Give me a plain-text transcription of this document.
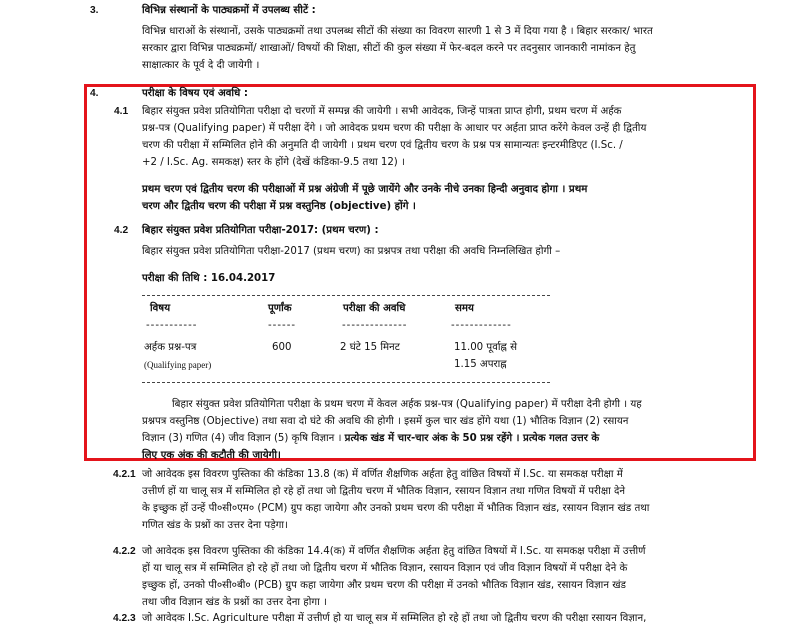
3.	विभिन्न संस्थानों के पाठ्यक्रमों में उपलब्ध सीटें :
विभिन्न धाराओं के संस्थानों, उसके पाठ्यक्रमों तथा उपलब्ध सीटों की संख्या का विवरण सारणी 1 से 3 में दिया गया है । बिहार सरकार/ भारत
सरकार द्वारा विभिन्न पाठ्यक्रमों/ शाखाओं/ विषयों की शिक्षा, सीटों की कुल संख्या में फेर-बदल करने पर तदनुसार जानकारी नामांकन हेतु
साक्षात्कार के पूर्व दे दी जायेगी ।
4.	परीक्षा के विषय एवं अवधि :
4.1 बिहार संयुक्त प्रवेश प्रतियोगिता परीक्षा दो चरणों में सम्पन्न की जायेगी । सभी आवेदक, जिन्हें पात्रता प्राप्त होगी, प्रथम चरण में अर्हक
प्रश्न-पत्र (Qualifying paper) में परीक्षा देंगे । जो आवेदक प्रथम चरण की परीक्षा के आधार पर अर्हता प्राप्त करेंगे केवल उन्हें ही द्वितीय
चरण की परीक्षा में सम्मिलित होने की अनुमति दी जायेगी । प्रथम चरण एवं द्वितीय चरण के प्रश्न पत्र सामान्यतः इन्टरमीडिएट (I.Sc. /
+2 / I.Sc. Ag. समकक्ष) स्तर के होंगे (देखें कंडिका-9.5 तथा 12) ।
प्रथम चरण एवं द्वितीय चरण की परीक्षाओं में प्रश्न अंग्रेजी में पूछे जायेंगे और उनके नीचे उनका हिन्दी अनुवाद होगा । प्रथम
चरण और द्वितीय चरण की परीक्षा में प्रश्न वस्तुनिष्ठ (objective) होंगे ।
4.2 बिहार संयुक्त प्रवेश प्रतियोगिता परीक्षा-2017: (प्रथम चरण) :
बिहार संयुक्त प्रवेश प्रतियोगिता परीक्षा-2017 (प्रथम चरण) का प्रश्नपत्र तथा परीक्षा की अवधि निम्नलिखित होगी –
परीक्षा की तिथि : 16.04.2017
विषय	पूर्णांक	परीक्षा की अवधि	समय
-----------	------	--------------	-------------
अर्हक प्रश्न-पत्र
(Qualifying paper)
600	2 घंटे 15 मिनट	11.00 पूर्वाह्न से
1.15 अपराह्न
बिहार संयुक्त प्रवेश प्रतियोगिता परीक्षा के प्रथम चरण में केवल अर्हक प्रश्न-पत्र (Qualifying paper) में परीक्षा देनी होगी । यह
प्रश्नपत्र वस्तुनिष्ठ (Objective) तथा सवा दो घंटे की अवधि की होगी । इसमें कुल चार खंड होंगे यथा (1) भौतिक विज्ञान (2) रसायन
विज्ञान (3) गणित (4) जीव विज्ञान (5) कृषि विज्ञान । प्रत्येक खंड में चार-चार अंक के 50 प्रश्न रहेंगे । प्रत्येक गलत उत्तर के
लिए एक अंक की कटौती की जायेगी।
4.2.1 जो आवेदक इस विवरण पुस्तिका की कंडिका 13.8 (क) में वर्णित शैक्षणिक अर्हता हेतु वांछित विषयों में I.Sc. या समकक्ष परीक्षा में
उत्तीर्ण हों या चालू सत्र में सम्मिलित हो रहे हों तथा जो द्वितीय चरण में भौतिक विज्ञान, रसायन विज्ञान तथा गणित विषयों में परीक्षा देने
के इच्छुक हों उन्हें पी०सी०एम० (PCM) ग्रुप कहा जायेगा और उनको प्रथम चरण की परीक्षा में भौतिक विज्ञान खंड, रसायन विज्ञान खंड तथा
गणित खंड के प्रश्नों का उत्तर देना पड़ेगा।
4.2.2 जो आवेदक इस विवरण पुस्तिका की कंडिका 14.4(क) में वर्णित शैक्षणिक अर्हता हेतु वांछित विषयों में I.Sc. या समकक्ष परीक्षा में उत्तीर्ण
हों या चालू सत्र में सम्मिलित हो रहे हों तथा जो द्वितीय चरण में भौतिक विज्ञान, रसायन विज्ञान एवं जीव विज्ञान विषयों में परीक्षा देने के
इच्छुक हों, उनको पी०सी०बी० (PCB) ग्रुप कहा जायेगा और प्रथम चरण की परीक्षा में उनको भौतिक विज्ञान खंड, रसायन विज्ञान खंड
तथा जीव विज्ञान खंड के प्रश्नों का उत्तर देना होगा ।
4.2.3 जो आवेदक I.Sc. Agriculture परीक्षा में उत्तीर्ण हो या चालू सत्र में सम्मिलित हो रहे हों तथा जो द्वितीय चरण की परीक्षा रसायन विज्ञान,
